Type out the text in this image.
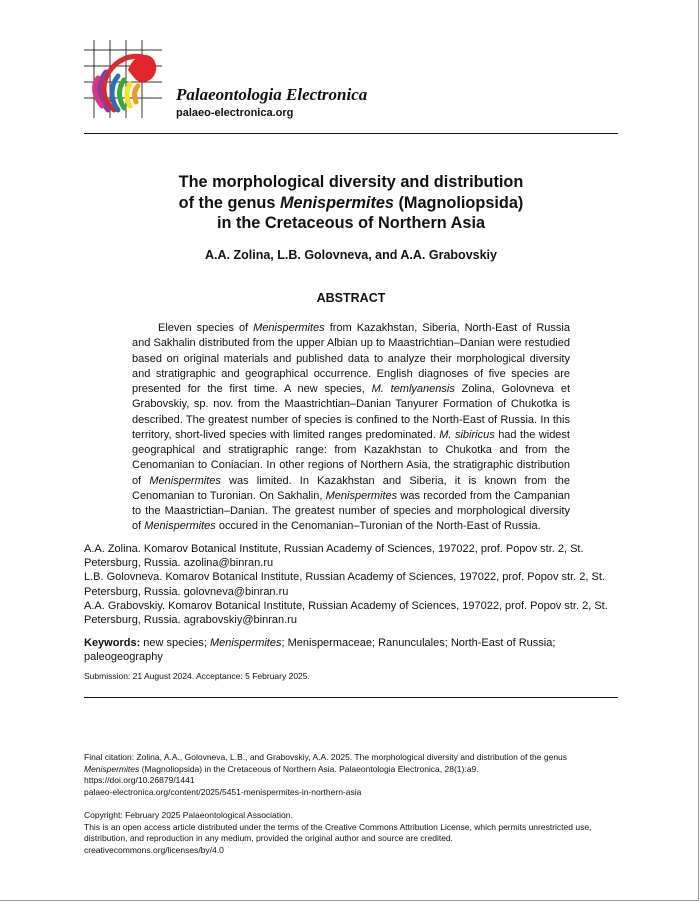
Palaeontologia Electronica
palaeo-electronica.org
The morphological diversity and distribution
of the genus Menispermites (Magnoliopsida)
in the Cretaceous of Northern Asia
A.A. Zolina, L.B. Golovneva, and A.A. Grabovskiy
ABSTRACT

Eleven species of Menispermites from Kazakhstan, Siberia, North-East of Russia and Sakhalin distributed from the upper Albian up to Maastrichtian–Danian were restudied based on original materials and published data to analyze their morphological diversity and stratigraphic and geographical occurrence. English diagnoses of five species are presented for the first time. A new species, M. temlyanensis Zolina, Golovneva et Grabovskiy, sp. nov. from the Maastrichtian–Danian Tanyurer Formation of Chukotka is described. The greatest number of species is confined to the North-East of Russia. In this territory, short-lived species with limited ranges predominated. M. sibiricus had the widest geographical and stratigraphic range: from Kazakhstan to Chukotka and from the Cenomanian to Coniacian. In other regions of Northern Asia, the stratigraphic distribution of Menispermites was limited. In Kazakhstan and Siberia, it is known from the Cenomanian to Turonian. On Sakhalin, Menispermites was recorded from the Campanian to the Maastrictian–Danian. The greatest number of species and morphological diversity of Menispermites occured in the Cenomanian–Turonian of the North-East of Russia.

A.A. Zolina. Komarov Botanical Institute, Russian Academy of Sciences, 197022, prof. Popov str. 2, St. Petersburg, Russia. azolina@binran.ru
L.B. Golovneva. Komarov Botanical Institute, Russian Academy of Sciences, 197022, prof. Popov str. 2, St. Petersburg, Russia. golovneva@binran.ru
A.A. Grabovskiy. Komarov Botanical Institute, Russian Academy of Sciences, 197022, prof. Popov str. 2, St. Petersburg, Russia. agrabovskiy@binran.ru
Keywords: new species; Menispermites; Menispermaceae; Ranunculales; North-East of Russia; paleogeography
Submission: 21 August 2024. Acceptance: 5 February 2025.
Final citation: Zolina, A.A., Golovneva, L.B., and Grabovskiy, A.A. 2025. The morphological diversity and distribution of the genus Menispermites (Magnoliopsida) in the Cretaceous of Northern Asia. Palaeontologia Electronica, 28(1):a9.
https://doi.org/10.26879/1441
palaeo-electronica.org/content/2025/5451-menispermites-in-northern-asia
Copyright: February 2025 Palaeontological Association.
This is an open access article distributed under the terms of the Creative Commons Attribution License, which permits unrestricted use, distribution, and reproduction in any medium, provided the original author and source are credited.
creativecommons.org/licenses/by/4.0
